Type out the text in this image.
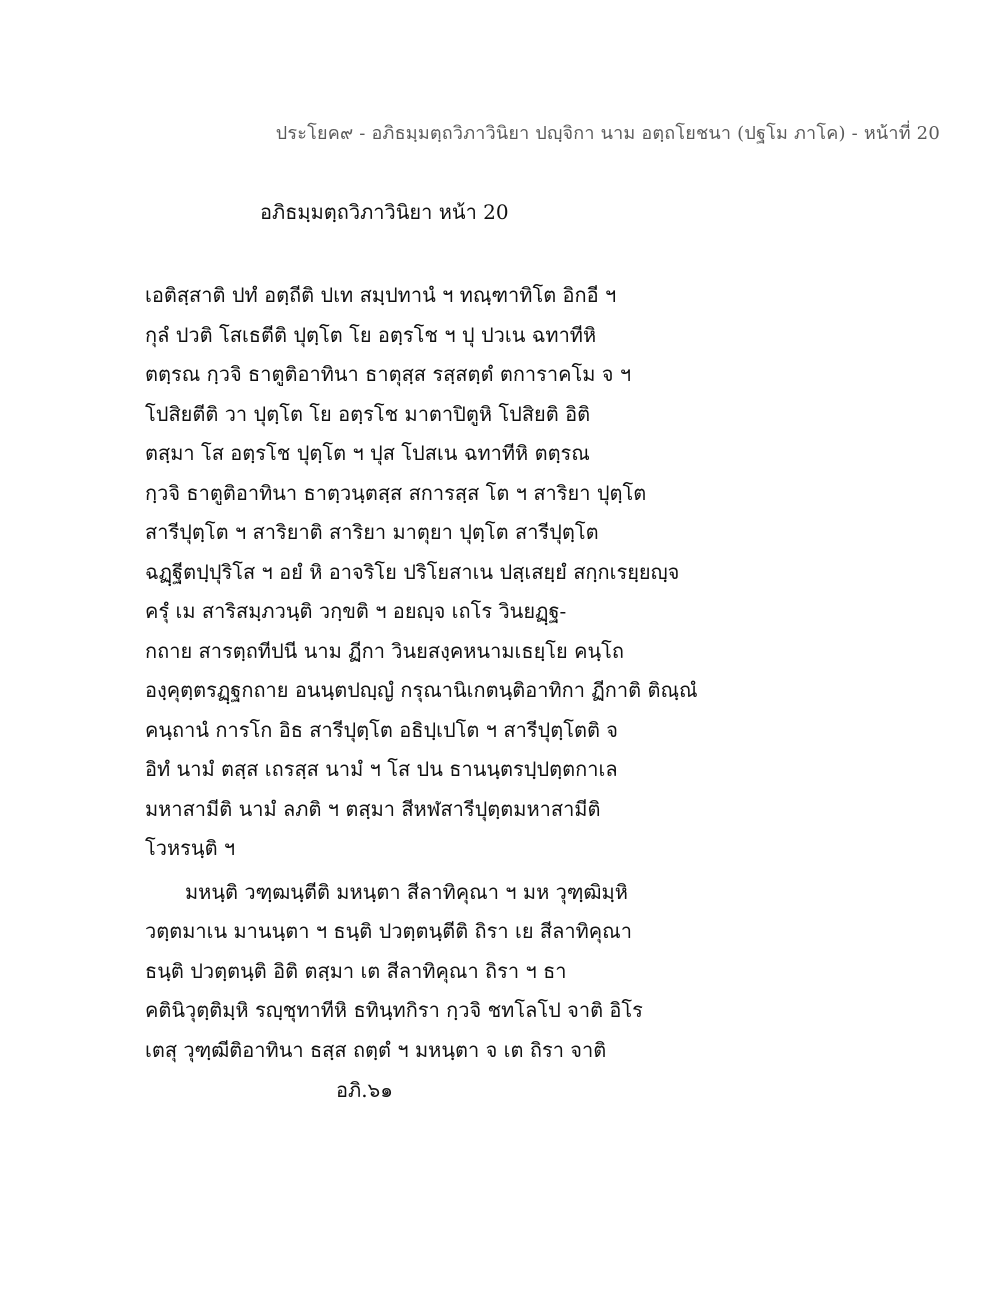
ประโยค๙ - อภิธมฺมตฺถวิภาวินิยา ปญฺจิกา นาม อตฺถโยชนา (ปฐโม ภาโค) - หน้าที่ 20
อภิธมฺมตฺถวิภาวินิยา หน้า 20
เอติสฺสาติ ปทํ อตฺถีติ ปเท สมฺปทานํ ฯ ทณฺฑาทิโต อิกอี ฯ
กุลํ ปวติ โสเธตีติ ปุตฺโต โย อตฺรโช ฯ ปุ ปวเน ฉทาทีหิ
ตตฺรณ กฺวจิ ธาตูติอาทินา ธาตุสฺส รสฺสตฺตํ ตการาคโม จ ฯ
โปสิยตีติ วา ปุตฺโต โย อตฺรโช มาตาปิตูหิ โปสิยติ อิติ
ตสฺมา โส อตฺรโช ปุตฺโต ฯ ปุส โปสเน ฉทาทีหิ ตตฺรณ
กฺวจิ ธาตูติอาทินา ธาตฺวนฺตสฺส สการสฺส โต ฯ สาริยา ปุตฺโต
สารีปุตฺโต ฯ สาริยาติ สาริยา มาตุยา ปุตฺโต สารีปุตฺโต
ฉฏฺฐีตปฺปุริโส ฯ อยํ หิ อาจริโย ปริโยสาเน ปสฺเสยฺยํ สกฺกเรยฺยญฺจ
ครุํ เม สาริสมฺภวนฺติ วกฺขติ ฯ อยญฺจ เถโร วินยฏฺฐ-
กถาย สารตฺถทีปนี นาม ฏีกา วินยสงฺคหนามเธยฺโย คนฺโถ
องฺคุตฺตรฏฺฐกถาย อนนฺตปญฺญํ กรุณานิเกตนฺติอาทิกา ฏีกาติ ติณฺณํ
คนฺถานํ การโก อิธ สารีปุตฺโต อธิปฺเปโต ฯ สารีปุตฺโตติ จ
อิทํ นามํ ตสฺส เถรสฺส นามํ ฯ โส ปน ธานนฺตรปฺปตฺตกาเล
มหาสามีติ นามํ ลภติ ฯ ตสฺมา สีหฬสารีปุตฺตมหาสามีติ
โวหรนฺติ ฯ
มหนฺติ วฑฺฒนฺตีติ มหนฺตา สีลาทิคุณา ฯ มห วุฑฺฒิมฺหิ
วตฺตมาเน มานนฺตา ฯ ธนฺติ ปวตฺตนฺตีติ ถิรา เย สีลาทิคุณา
ธนฺติ ปวตฺตนฺติ อิติ ตสฺมา เต สีลาทิคุณา ถิรา ฯ ธา
คตินิวุตฺติมฺหิ รญฺชุทาทีหิ ธทินฺทกิรา กฺวจิ ชทโลโป จาติ อิโร
เตสุ วุฑฺฒีติอาทินา ธสฺส ถตฺตํ ฯ มหนฺตา จ เต ถิรา จาติ
อภิ.๖๑
